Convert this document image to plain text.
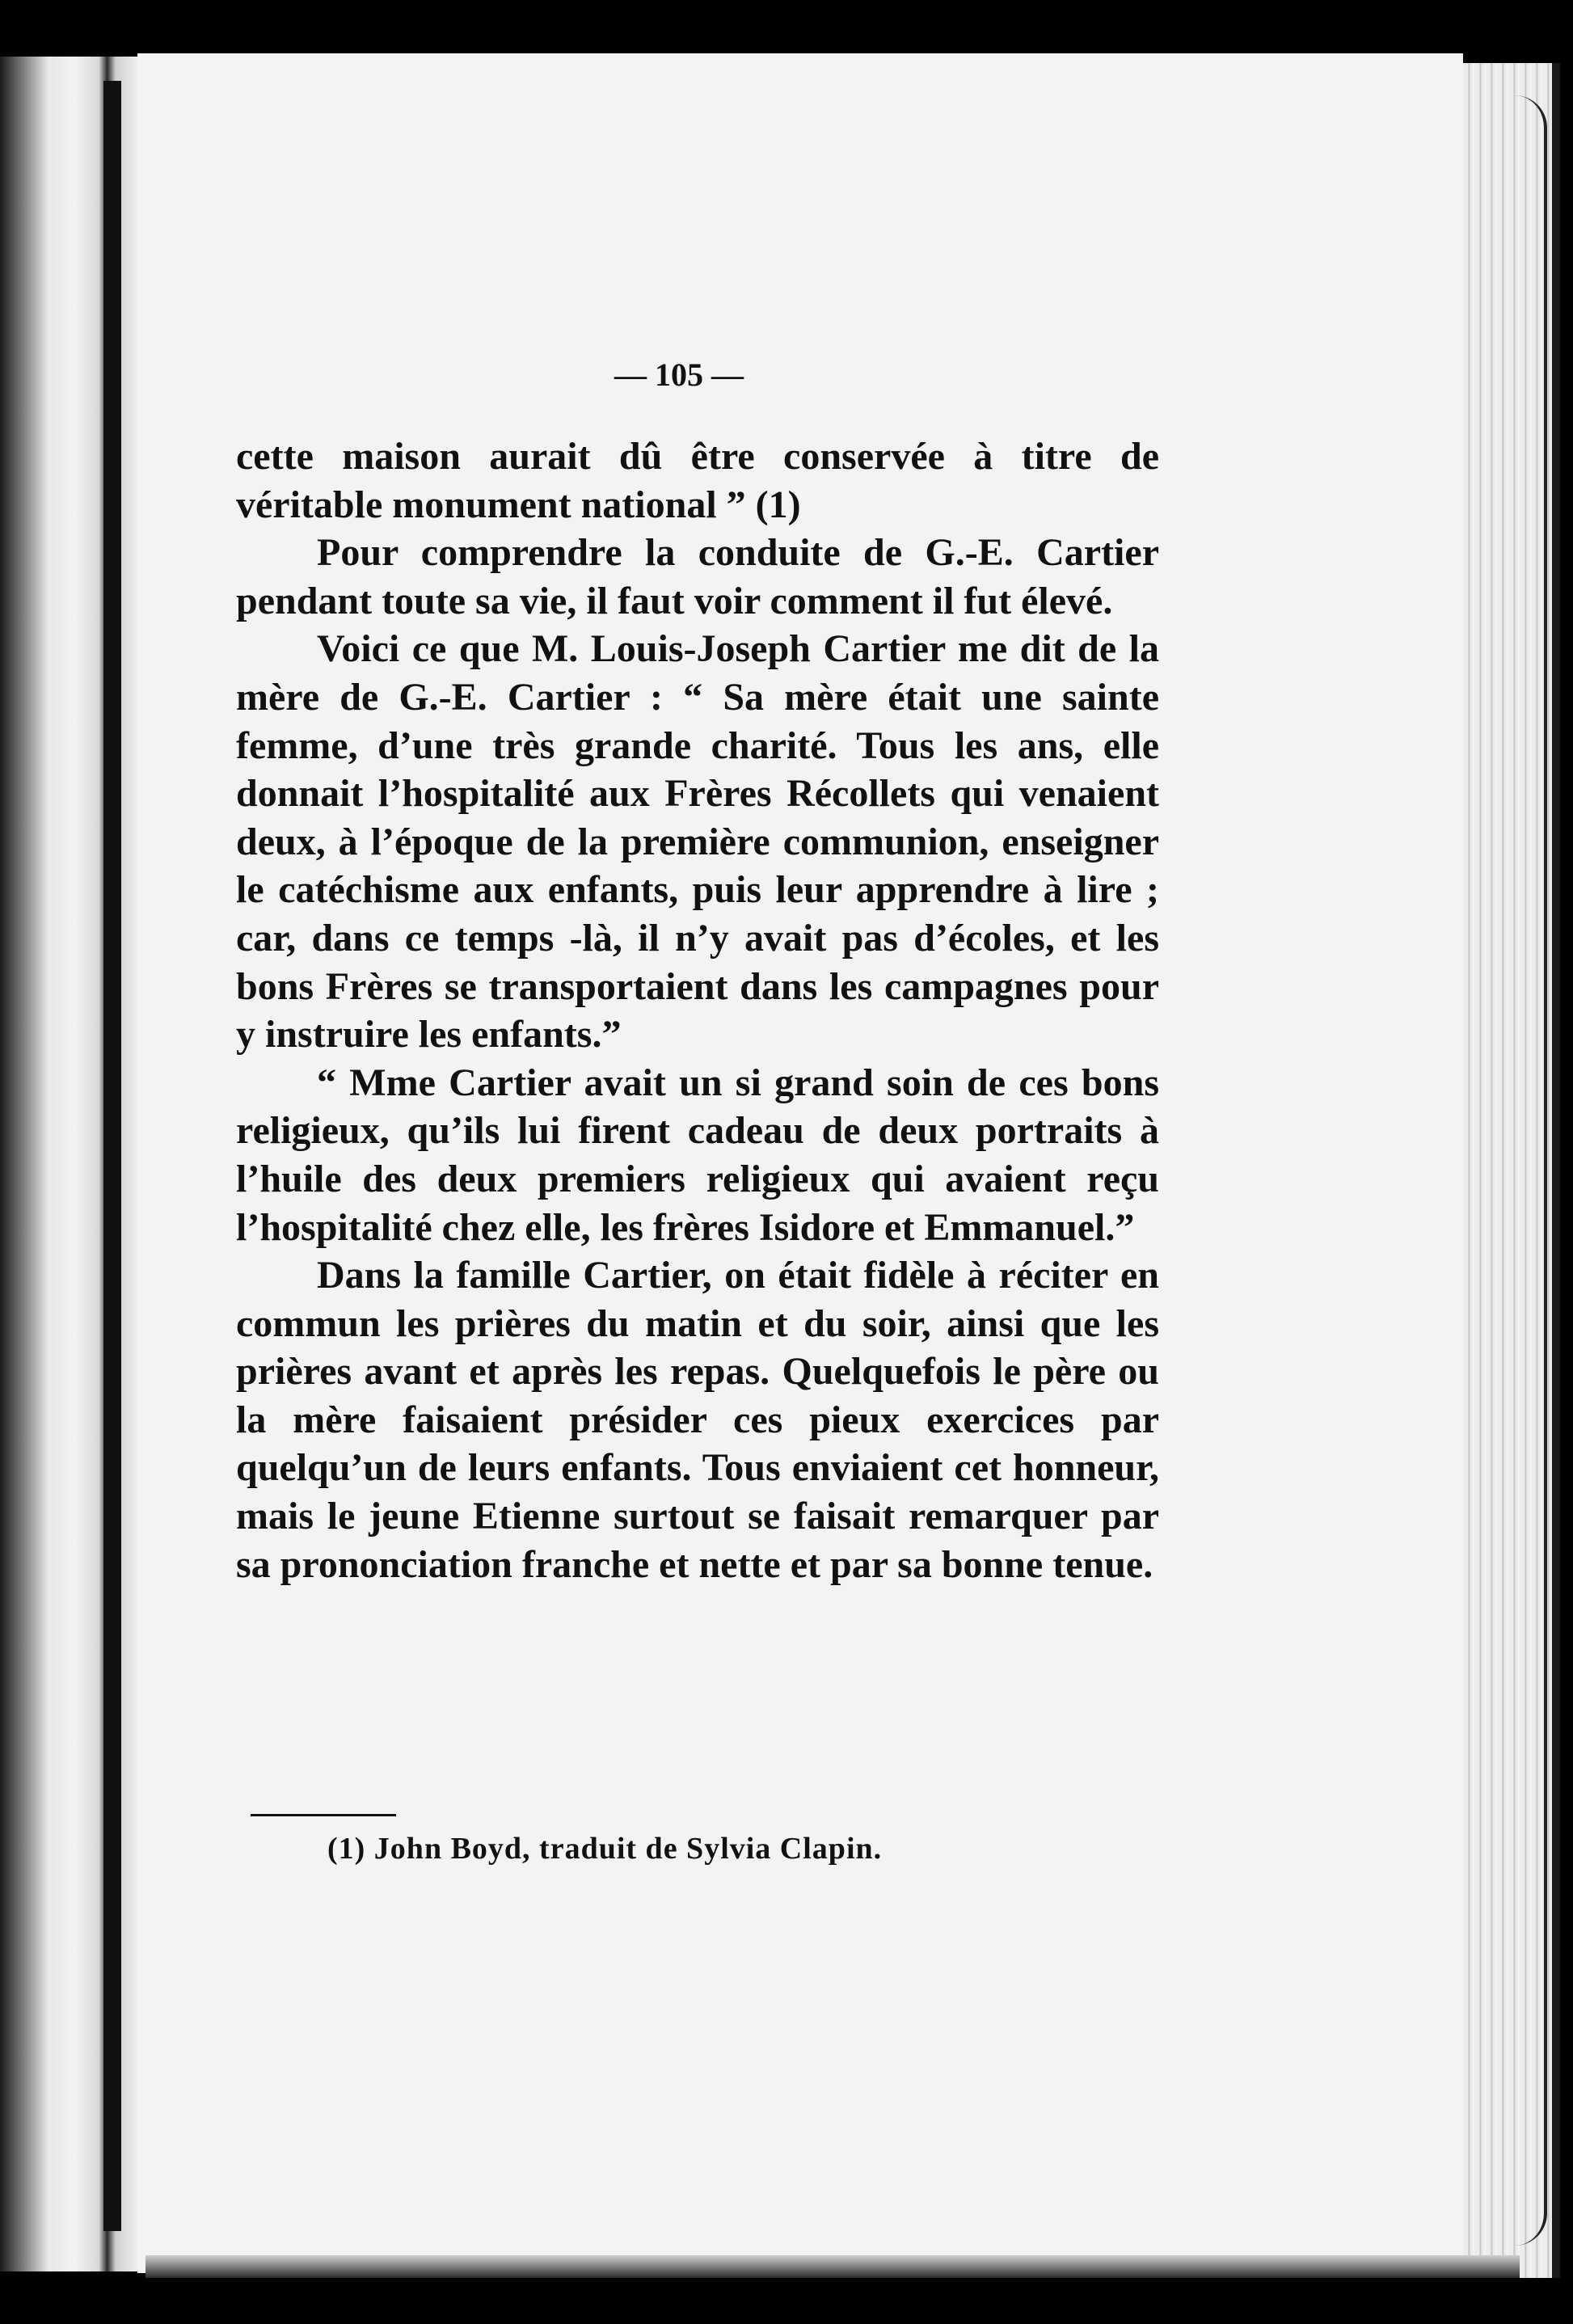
— 105 —

cette maison aurait dû être conservée à titre de véritable monument national ” (1)

Pour comprendre la conduite de G.-E. Cartier pendant toute sa vie, il faut voir comment il fut élevé.

Voici ce que M. Louis-Joseph Cartier me dit de la mère de G.-E. Cartier : “ Sa mère était une sainte femme, d’une très grande charité. Tous les ans, elle donnait l’hospitalité aux Frères Récollets qui venaient deux, à l’époque de la première communion, enseigner le catéchisme aux enfants, puis leur apprendre à lire ; car, dans ce temps -là, il n’y avait pas d’écoles, et les bons Frères se transportaient dans les campagnes pour y instruire les enfants.”

“ Mme Cartier avait un si grand soin de ces bons religieux, qu’ils lui firent cadeau de deux portraits à l’huile des deux premiers religieux qui avaient reçu l’hospitalité chez elle, les frères Isidore et Emmanuel.”

Dans la famille Cartier, on était fidèle à réciter en commun les prières du matin et du soir, ainsi que les prières avant et après les repas. Quelquefois le père ou la mère faisaient présider ces pieux exercices par quelqu’un de leurs enfants. Tous enviaient cet honneur, mais le jeune Etienne surtout se faisait remarquer par sa prononciation franche et nette et par sa bonne tenue.

(1) John Boyd, traduit de Sylvia Clapin.
